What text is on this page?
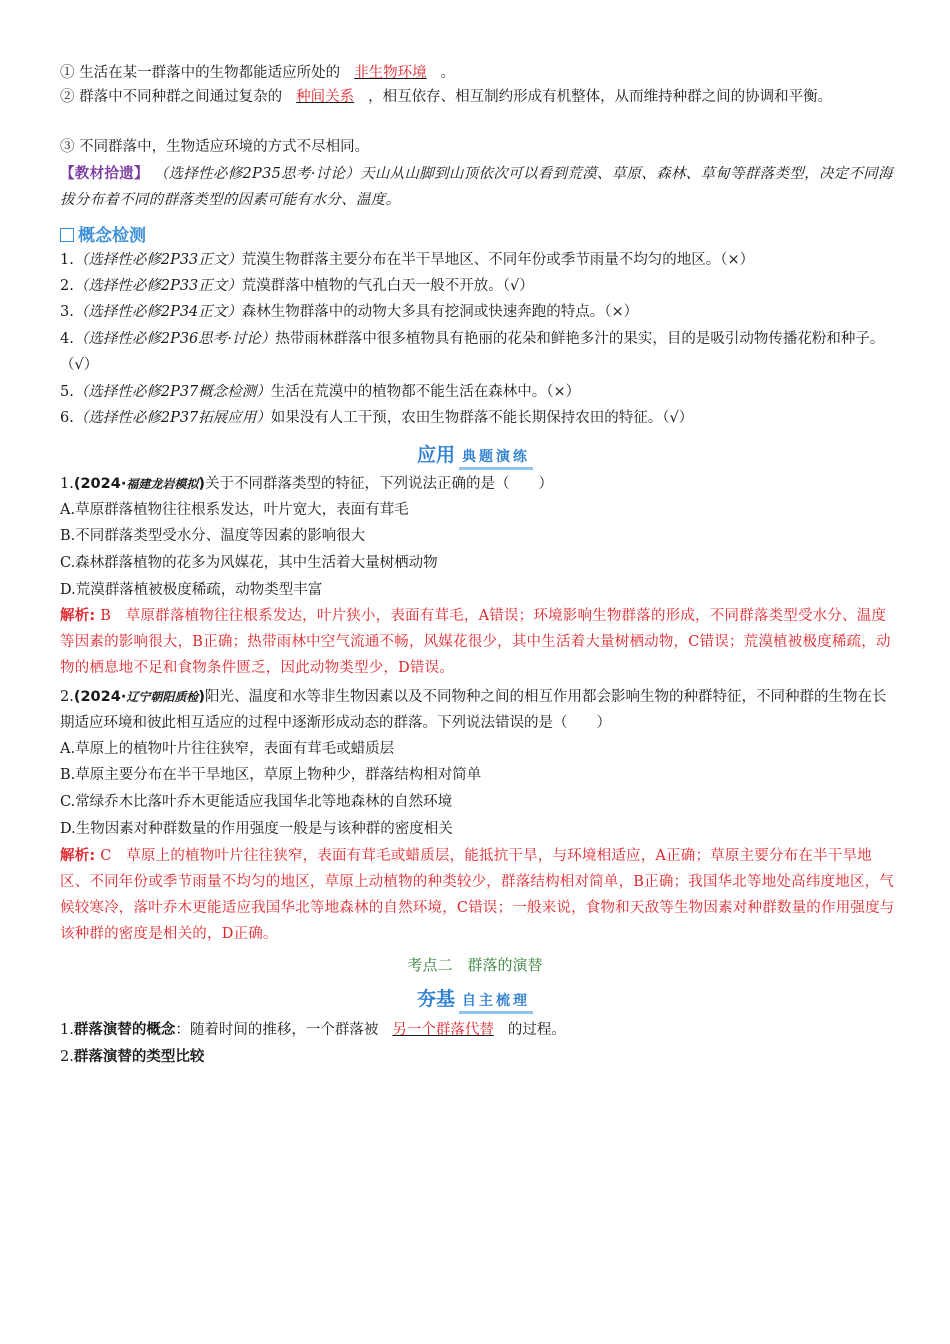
① 生活在某一群落中的生物都能适应所处的 非生物环境 。
② 群落中不同种群之间通过复杂的 种间关系 ，相互依存、相互制约形成有机整体，从而维持种群之间的协调和平衡。
③ 不同群落中，生物适应环境的方式不尽相同。
【教材拾遗】 （选择性必修2P35思考·讨论）天山从山脚到山顶依次可以看到荒漠、草原、森林、草甸等群落类型，决定不同海拔分布着不同的群落类型的因素可能有水分、温度。
概念检测
1.（选择性必修2P33正文）荒漠生物群落主要分布在半干旱地区、不同年份或季节雨量不均匀的地区。（×）
2.（选择性必修2P33正文）荒漠群落中植物的气孔白天一般不开放。（√）
3.（选择性必修2P34正文）森林生物群落中的动物大多具有挖洞或快速奔跑的特点。（×）
4.（选择性必修2P36思考·讨论）热带雨林群落中很多植物具有艳丽的花朵和鲜艳多汁的果实，目的是吸引动物传播花粉和种子。（√）
5.（选择性必修2P37概念检测）生活在荒漠中的植物都不能生活在森林中。（×）
6.（选择性必修2P37拓展应用）如果没有人工干预，农田生物群落不能长期保持农田的特征。（√）
应用 典题演练
1.(2024·福建龙岩模拟)关于不同群落类型的特征，下列说法正确的是（　　）
A.草原群落植物往往根系发达，叶片宽大，表面有茸毛
B.不同群落类型受水分、温度等因素的影响很大
C.森林群落植物的花多为风媒花，其中生活着大量树栖动物
D.荒漠群落植被极度稀疏，动物类型丰富
解析: B　草原群落植物往往根系发达，叶片狭小，表面有茸毛，A错误；环境影响生物群落的形成，不同群落类型受水分、温度等因素的影响很大，B正确；热带雨林中空气流通不畅，风媒花很少，其中生活着大量树栖动物，C错误；荒漠植被极度稀疏，动物的栖息地不足和食物条件匮乏，因此动物类型少，D错误。
2.(2024·辽宁朝阳质检)阳光、温度和水等非生物因素以及不同物种之间的相互作用都会影响生物的种群特征，不同种群的生物在长期适应环境和彼此相互适应的过程中逐渐形成动态的群落。下列说法错误的是（　　）
A.草原上的植物叶片往往狭窄，表面有茸毛或蜡质层
B.草原主要分布在半干旱地区，草原上物种少，群落结构相对简单
C.常绿乔木比落叶乔木更能适应我国华北等地森林的自然环境
D.生物因素对种群数量的作用强度一般是与该种群的密度相关
解析: C　草原上的植物叶片往往狭窄，表面有茸毛或蜡质层，能抵抗干旱，与环境相适应，A正确；草原主要分布在半干旱地区、不同年份或季节雨量不均匀的地区，草原上动植物的种类较少，群落结构相对简单，B正确；我国华北等地处高纬度地区，气候较寒冷，落叶乔木更能适应我国华北等地森林的自然环境，C错误；一般来说，食物和天敌等生物因素对种群数量的作用强度与该种群的密度是相关的，D正确。
考点二　群落的演替
夯基 自主梳理
1.群落演替的概念：随着时间的推移，一个群落被 另一个群落代替 的过程。
2.群落演替的类型比较
